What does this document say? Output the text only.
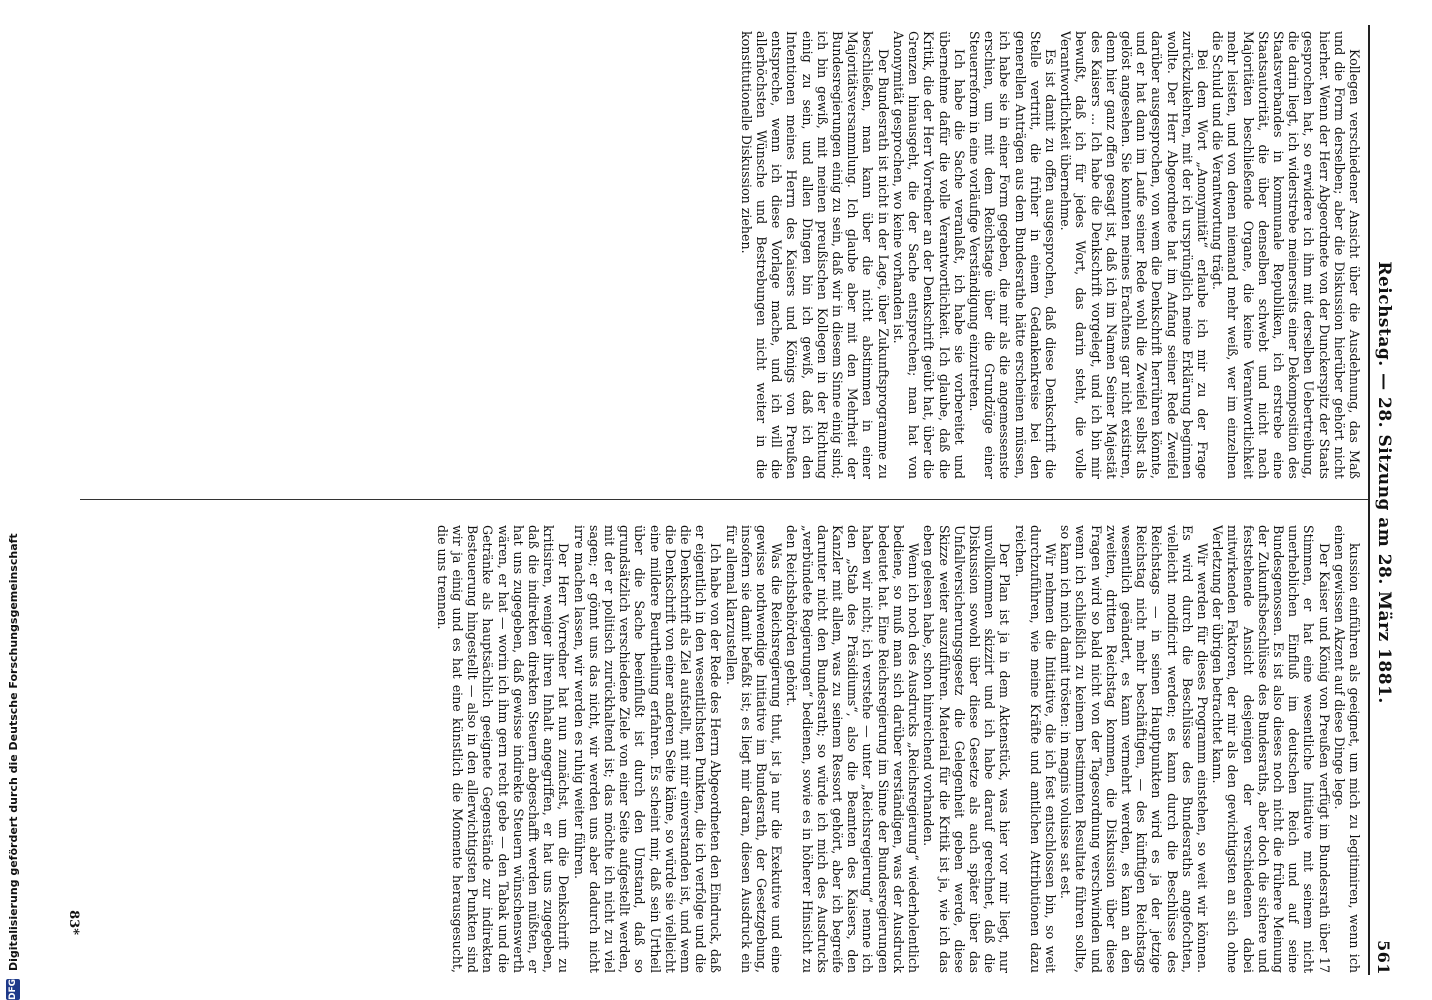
Reichstag. — 28. Sitzung am 28. März 1881.
561

Kollegen verschiedener Ansicht über die Ausdehnung, das Maß und die Form derselben; aber die Diskussion hierüber gehört nicht hierher. Wenn der Herr Abgeordnete von der Dunckerspitz der Staats gesprochen hat, so erwidere ich ihm mit derselben Uebertreibung, die darin liegt, ich widerstrebe meinerseits einer Dekomposition des Staatsverbandes in kommunale Republiken, ich erstrebe eine Staatsautorität, die über denselben schwebt und nicht nach Majoritäten beschließende Organe, die keine Verantwortlichkeit mehr leisten, und von denen niemand mehr weiß, wer im einzelnen die Schuld und die Verantwortung trägt.

Bei dem Wort „Anonymität“ erlaube ich mir zu der Frage zurückzukehren, mit der ich ursprünglich meine Erklärung beginnen wollte. Der Herr Abgeordnete hat im Anfang seiner Rede Zweifel darüber ausgesprochen, von wem die Denkschrift herrühren könnte, und er hat dann im Laufe seiner Rede wohl die Zweifel selbst als gelöst angesehen. Sie konnten meines Erachtens gar nicht existiren, denn hier ganz offen gesagt ist, daß ich im Namen Seiner Majestät des Kaisers ... Ich habe die Denkschrift vorgelegt, und ich bin mir bewußt, daß ich für jedes Wort, das darin steht, die volle Verantwortlichkeit übernehme.

Es ist damit zu offen ausgesprochen, daß diese Denkschrift die Stelle vertritt, die früher in einem Gedankenkreise bei den generellen Anträgen aus dem Bundesrathe hätte erscheinen müssen, ich habe sie in einer Form gegeben, die mir als die angemessenste erschien, um mit dem Reichstage über die Grundzüge einer Steuerreform in eine vorläufige Verständigung einzutreten.

Ich habe die Sache veranlaßt, ich habe sie vorbereitet und übernehme dafür die volle Verantwortlichkeit. Ich glaube, daß die Kritik, die der Herr Vorredner an der Denkschrift geübt hat, über die Grenzen hinausgeht, die der Sache entsprechen; man hat von Anonymität gesprochen, wo keine vorhanden ist.

Der Bundesrath ist nicht in der Lage, über Zukunftsprogramme zu beschließen, man kann über die nicht abstimmen in einer Majoritätsversammlung. Ich glaube aber mit den Mehrheit der Bundesregierungen einig zu sein, daß wir in diesem Sinne einig sind; ich bin gewiß, mit meinen preußischen Kollegen in der Richtung einig zu sein, und allen Dingen bin ich gewiß, daß ich den Intentionen meines Herrn des Kaisers und Königs von Preußen entspreche, wenn ich diese Vorlage mache, und ich will die allerhöchsten Wünsche und Bestrebungen nicht weiter in die konstitutionelle Diskussion ziehen.

kussion einführen als geeignet, um mich zu legitimiren, wenn ich einen gewissen Akzent auf diese Dinge lege.

Der Kaiser und König von Preußen verfügt im Bundesrath über 17 Stimmen, er hat eine wesentliche Initiative mit seinem nicht unerheblichen Einfluß im deutschen Reich und auf seine Bundesgenossen. Es ist also dieses noch nicht die frühere Meinung der Zukunftsbeschlüsse des Bundesraths, aber doch die sichere und feststehende Ansicht desjenigen der verschiedenen dabei mitwirkenden Faktoren, der mir als den gewichtigsten an sich ohne Verletzung der übrigen betrachtet kann.

Wir werden für dieses Programm einstehen, so weit wir können. Es wird durch die Beschlüsse des Bundesraths angefochten, vielleicht modificirt werden; es kann durch die Beschlüsse des Reichstags — in seinen Hauptpunkten wird es ja der jetzige Reichstag nicht mehr beschäftigen, — des künftigen Reichstags wesentlich geändert, es kann vermehrt werden, es kann an den zweiten, dritten Reichstag kommen, die Diskussion über diese Fragen wird so bald nicht von der Tagesordnung verschwinden und wenn ich schließlich zu keinem bestimmten Resultate führen sollte, so kann ich mich damit trösten: in magnis voluisse sat est.

Wir nehmen die Initiative, die ich fest entschlossen bin, so weit durchzuführen, wie meine Kräfte und amtlichen Attributionen dazu reichen.

Der Plan ist ja in dem Aktenstück, was hier vor mir liegt, nur unvollkommen skizzirt und ich habe darauf gerechnet, daß die Diskussion sowohl über diese Gesetze als auch später über das Unfallversicherungsgesetz die Gelegenheit geben werde, diese Skizze weiter auszuführen. Material für die Kritik ist ja, wie ich das eben gelesen habe, schon hinreichend vorhanden.

Wenn ich noch des Ausdrucks „Reichsregierung“ wiederholentlich bediene, so muß man sich darüber verständigen, was der Ausdruck bedeutet hat. Eine Reichsregierung im Sinne der Bundesregierungen haben wir nicht; ich verstehe — unter „Reichsregierung“ nenne ich den „Stab des Präsidiums“, also die Beamten des Kaisers, den Kanzler mit allem, was zu seinem Ressort gehört, aber ich begreife darunter nicht den Bundesrath; so würde ich mich des Ausdrucks „verbündete Regierungen“ bedienen, sowie es in höherer Hinsicht zu den Reichsbehörden gehört.

Was die Reichsregierung thut, ist ja nur die Exekutive und eine gewisse nothwendige Initiative im Bundesrath, der Gesetzgebung, insofern sie damit befaßt ist; es liegt mir daran, diesen Ausdruck ein für allemal klarzustellen.

Ich habe von der Rede des Herrn Abgeordneten den Eindruck, daß er eigentlich in den wesentlichsten Punkten, die ich verfolge und die die Denkschrift als Ziel aufstellt, mit mir einverstanden ist, und wenn die Denkschrift von einer anderen Seite käme, so würde sie vielleicht eine mildere Beurtheilung erfahren. Es scheint mir, daß sein Urtheil über die Sache beeinflußt ist durch den Umstand, daß so grundsätzlich verschiedene Ziele von einer Seite aufgestellt werden, mit der er politisch zurückhaltend ist; das möchte ich nicht zu viel sagen; er gönnt uns das nicht, wir werden uns aber dadurch nicht irre machen lassen, wir werden es ruhig weiter führen.

Der Herr Vorredner hat nun zunächst, um die Denkschrift zu kritisiren, weniger ihren Inhalt angegriffen, er hat uns zugegeben, daß die indirekten direkten Steuern abgeschafft werden müßten, er hat uns zugegeben, daß gewisse indirekte Steuern wünschenswerth wären, er hat — worin ich ihm gern recht gebe — den Tabak und die Getränke als hauptsächlich geeignete Gegenstände zur indirekten Besteuerung hingestellt — also in den allerwichtigsten Punkten sind wir ja einig und es hat eine künstlich die Momente herausgesucht, die uns trennen.

83*
DFG
Digitalisierung gefördert durch die Deutsche Forschungsgemeinschaft
